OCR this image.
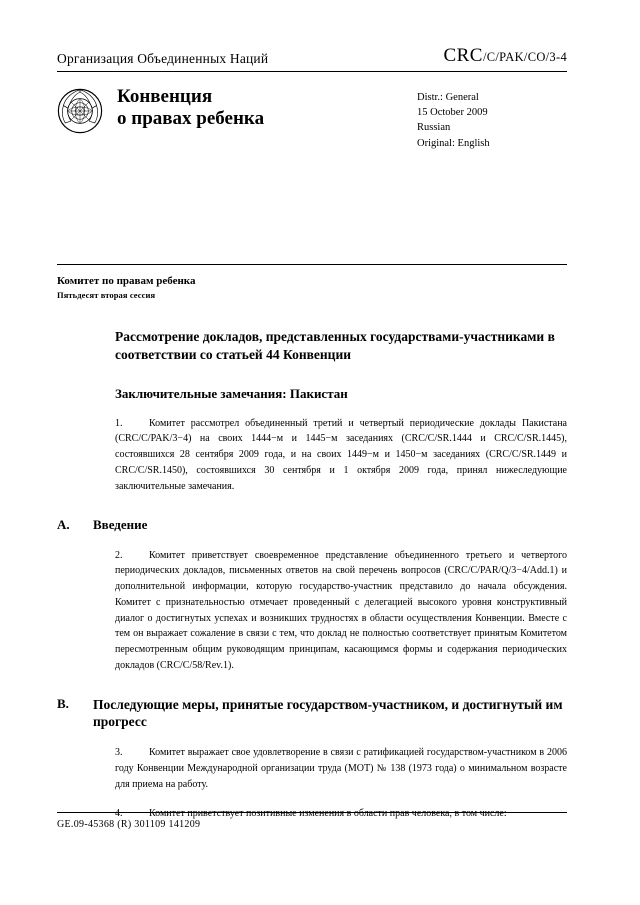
Организация Объединенных Наций	CRC/C/PAK/CO/3-4
Конвенция
о правах ребенка
Distr.: General
15 October 2009
Russian
Original: English
Комитет по правам ребенка
Пятьдесят вторая сессия
Рассмотрение докладов, представленных государствами-участниками в соответствии со статьей 44 Конвенции
Заключительные замечания: Пакистан

1.	Комитет рассмотрел объединенный третий и четвертый периодические доклады Пакистана (CRC/C/PAK/3−4) на своих 1444−м и 1445−м заседаниях (CRC/C/SR.1444 и CRC/C/SR.1445), состоявшихся 28 сентября 2009 года, и на своих 1449−м и 1450−м заседаниях (CRC/C/SR.1449 и CRC/C/SR.1450), состоявшихся 30 сентября и 1 октября 2009 года, принял нижеследующие заключительные замечания.

A.	Введение

2.	Комитет приветствует своевременное представление объединенного третьего и четвертого периодических докладов, письменных ответов на свой перечень вопросов (CRC/C/PAR/Q/3−4/Add.1) и дополнительной информации, которую государство-участник представило до начала обсуждения. Комитет с признательностью отмечает проведенный с делегацией высокого уровня конструктивный диалог о достигнутых успехах и возникших трудностях в области осуществления Конвенции. Вместе с тем он выражает сожаление в связи с тем, что доклад не полностью соответствует принятым Комитетом пересмотренным общим руководящим принципам, касающимся формы и содержания периодических докладов (CRC/C/58/Rev.1).

B.	Последующие меры, принятые государством-участником, и достигнутый им прогресс

3.	Комитет выражает свое удовлетворение в связи с ратификацией государством-участником в 2006 году Конвенции Международной организации труда (МОТ) № 138 (1973 года) о минимальном возрасте для приема на работу.

4.	Комитет приветствует позитивные изменения в области прав человека, в том числе:

GE.09-45368 (R) 301109 141209
